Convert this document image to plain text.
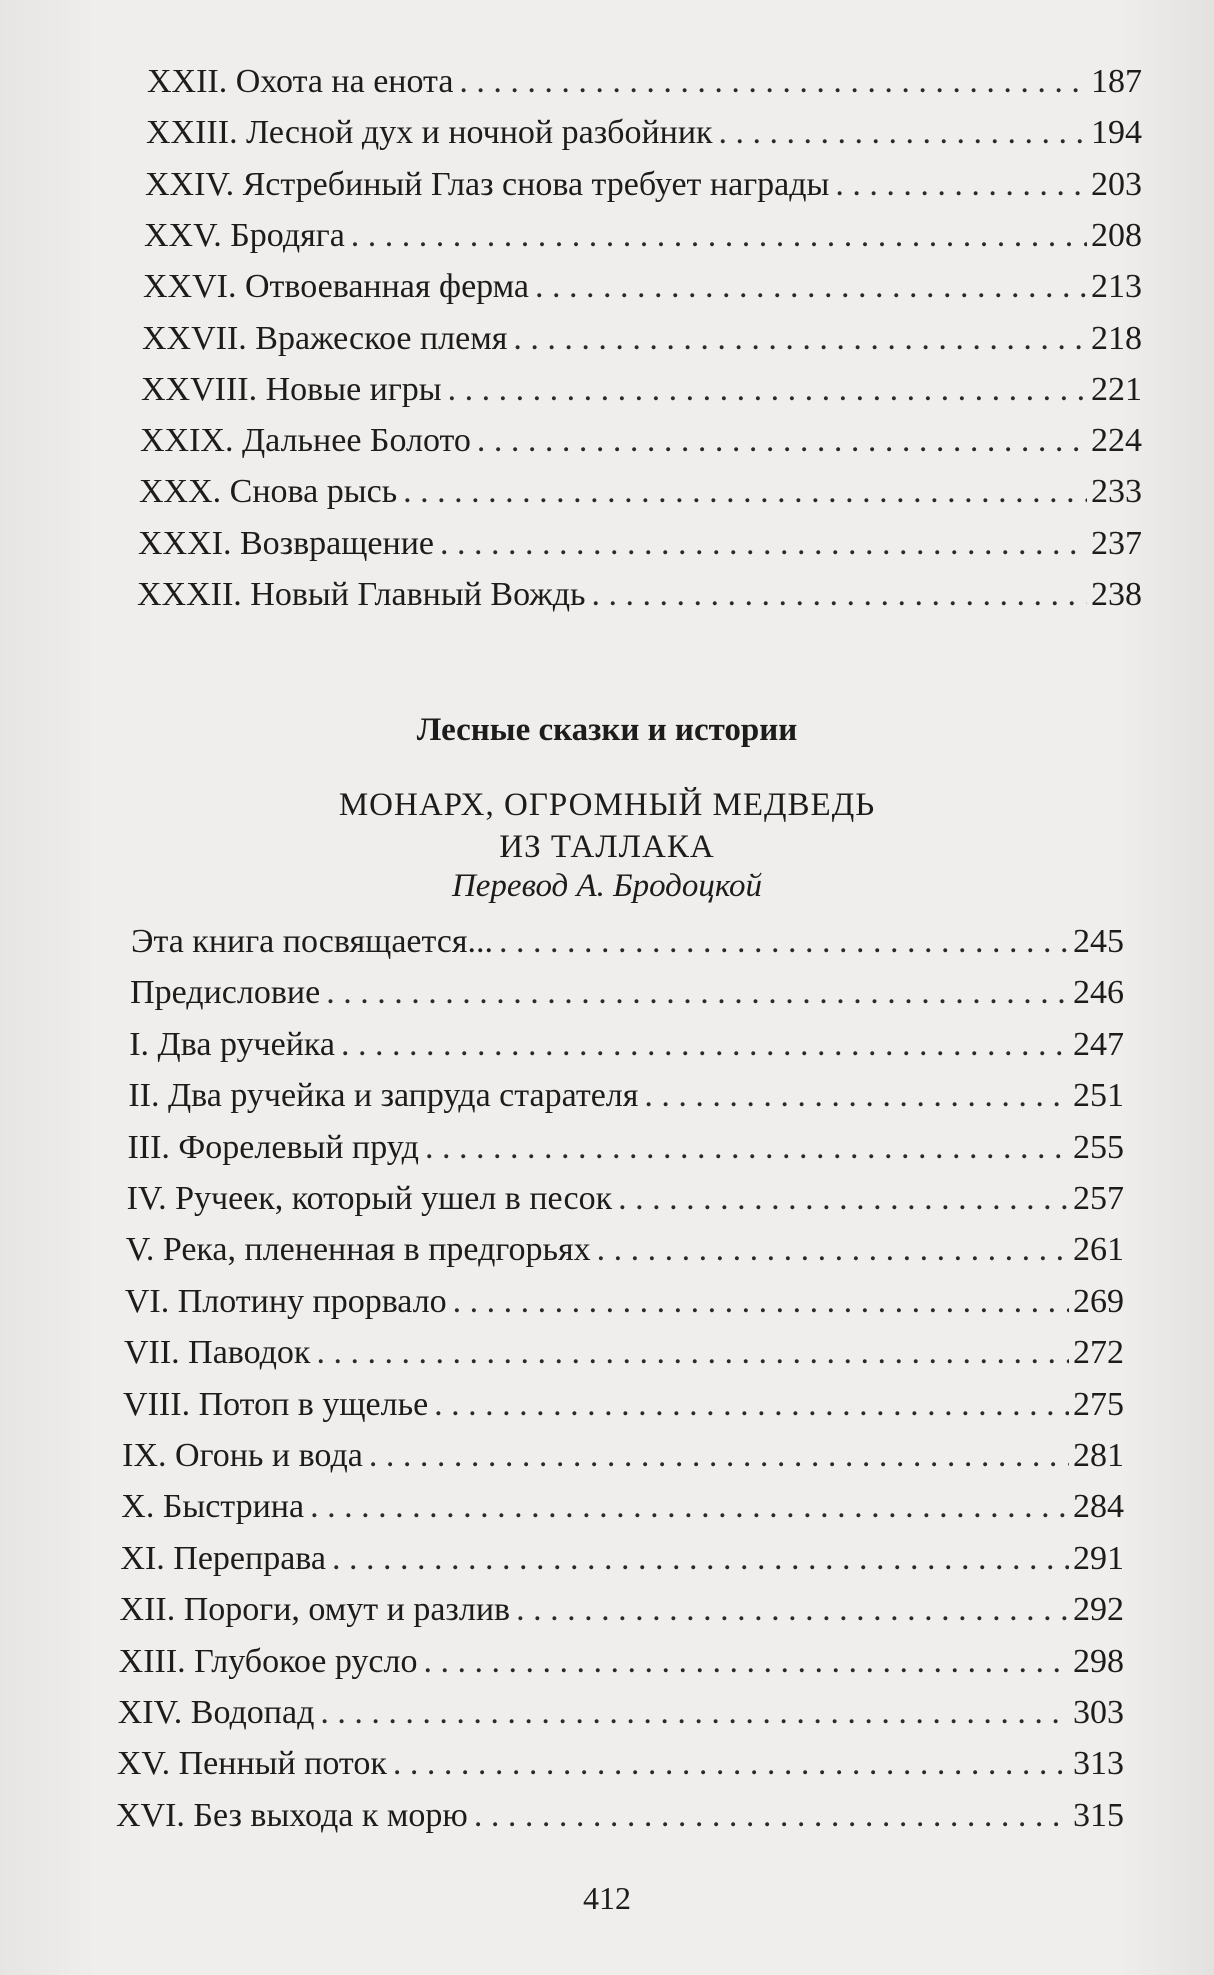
XXII. Охота на енота . . .	187
XXIII. Лесной дух и ночной разбойник . . .	194
XXIV. Ястребиный Глаз снова требует награды . . .	203
XXV. Бродяга . . .	208
XXVI. Отвоеванная ферма . . .	213
XXVII. Вражеское племя . . .	218
XXVIII. Новые игры . . .	221
XXIX. Дальнее Болото . . .	224
XXX. Снова рысь . . .	233
XXXI. Возвращение . . .	237
XXXII. Новый Главный Вождь . . .	238
Лесные сказки и истории
МОНАРХ, ОГРОМНЫЙ МЕДВЕДЬ
ИЗ ТАЛЛАКА
Перевод А. Бродоцкой
Эта книга посвящается... . . .	245
Предисловие . . .	246
I. Два ручейка . . .	247
II. Два ручейка и запруда старателя . . .	251
III. Форелевый пруд . . .	255
IV. Ручеек, который ушел в песок . . .	257
V. Река, плененная в предгорьях . . .	261
VI. Плотину прорвало . . .	269
VII. Паводок . . .	272
VIII. Потоп в ущелье . . .	275
IX. Огонь и вода . . .	281
X. Быстрина . . .	284
XI. Переправа . . .	291
XII. Пороги, омут и разлив . . .	292
XIII. Глубокое русло . . .	298
XIV. Водопад . . .	303
XV. Пенный поток . . .	313
XVI. Без выхода к морю . . .	315
412
